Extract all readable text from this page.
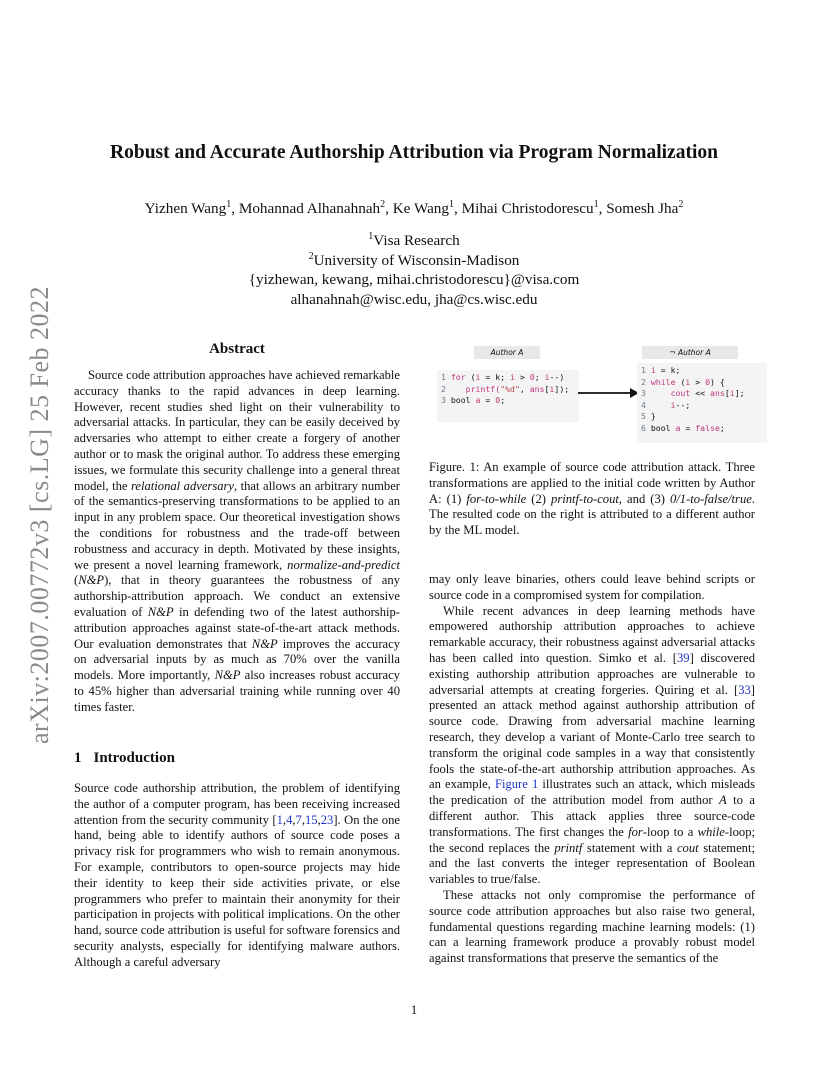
arXiv:2007.00772v3 [cs.LG] 25 Feb 2022
Robust and Accurate Authorship Attribution via Program Normalization
Yizhen Wang$^1$, Mohannad Alhanahnah$^2$, Ke Wang$^1$, Mihai Christodorescu$^1$, Somesh Jha$^2$
$^1$Visa Research
$^2$University of Wisconsin-Madison
{yizhewan, kewang, mihai.christodorescu}@visa.com
alhanahnah@wisc.edu, jha@cs.wisc.edu
Abstract

Source code attribution approaches have achieved remarkable accuracy thanks to the rapid advances in deep learning. However, recent studies shed light on their vulnerability to adversarial attacks. In particular, they can be easily deceived by adversaries who attempt to either create a forgery of another author or to mask the original author. To address these emerging issues, we formulate this security challenge into a general threat model, the relational adversary, that allows an arbitrary number of the semantics-preserving transformations to be applied to an input in any problem space. Our theoretical investigation shows the conditions for robustness and the trade-off between robustness and accuracy in depth. Motivated by these insights, we present a novel learning framework, normalize-and-predict (N&P), that in theory guarantees the robustness of any authorship-attribution approach. We conduct an extensive evaluation of N&P in defending two of the latest authorship-attribution approaches against state-of-the-art attack methods. Our evaluation demonstrates that N&P improves the accuracy on adversarial inputs by as much as 70% over the vanilla models. More importantly, N&P also increases robust accuracy to 45% higher than adversarial training while running over 40 times faster.

1 Introduction

Source code authorship attribution, the problem of identifying the author of a computer program, has been receiving increased attention from the security community [1,4,7,15,23]. On the one hand, being able to identify authors of source code poses a privacy risk for programmers who wish to remain anonymous. For example, contributors to open-source projects may hide their identity to keep their side activities private, or else programmers who prefer to maintain their anonymity for their participation in projects with political implications. On the other hand, source code attribution is useful for software forensics and security analysts, especially for identifying malware authors. Although a careful adversary

Author A	¬ Author A
1 for (i = k; i > 0; i--)
2    printf("%d", ans[i]);
3 bool a = 0;
1 i = k;
2 while (i > 0) {
3     cout << ans[i];
4     i--;
5 }
6 bool a = false;
Figure. 1: An example of source code attribution attack. Three transformations are applied to the initial code written by Author A: (1) for-to-while (2) printf-to-cout, and (3) 0/1-to-false/true. The resulted code on the right is attributed to a different author by the ML model.

may only leave binaries, others could leave behind scripts or source code in a compromised system for compilation.

While recent advances in deep learning methods have empowered authorship attribution approaches to achieve remarkable accuracy, their robustness against adversarial attacks has been called into question. Simko et al. [39] discovered existing authorship attribution approaches are vulnerable to adversarial attempts at creating forgeries. Quiring et al. [33] presented an attack method against authorship attribution of source code. Drawing from adversarial machine learning research, they develop a variant of Monte-Carlo tree search to transform the original code samples in a way that consistently fools the state-of-the-art authorship attribution approaches. As an example, Figure 1 illustrates such an attack, which misleads the predication of the attribution model from author A to a different author. This attack applies three source-code transformations. The first changes the for-loop to a while-loop; the second replaces the printf statement with a cout statement; and the last converts the integer representation of Boolean variables to true/false.

These attacks not only compromise the performance of source code attribution approaches but also raise two general, fundamental questions regarding machine learning models: (1) can a learning framework produce a provably robust model against transformations that preserve the semantics of the

1
